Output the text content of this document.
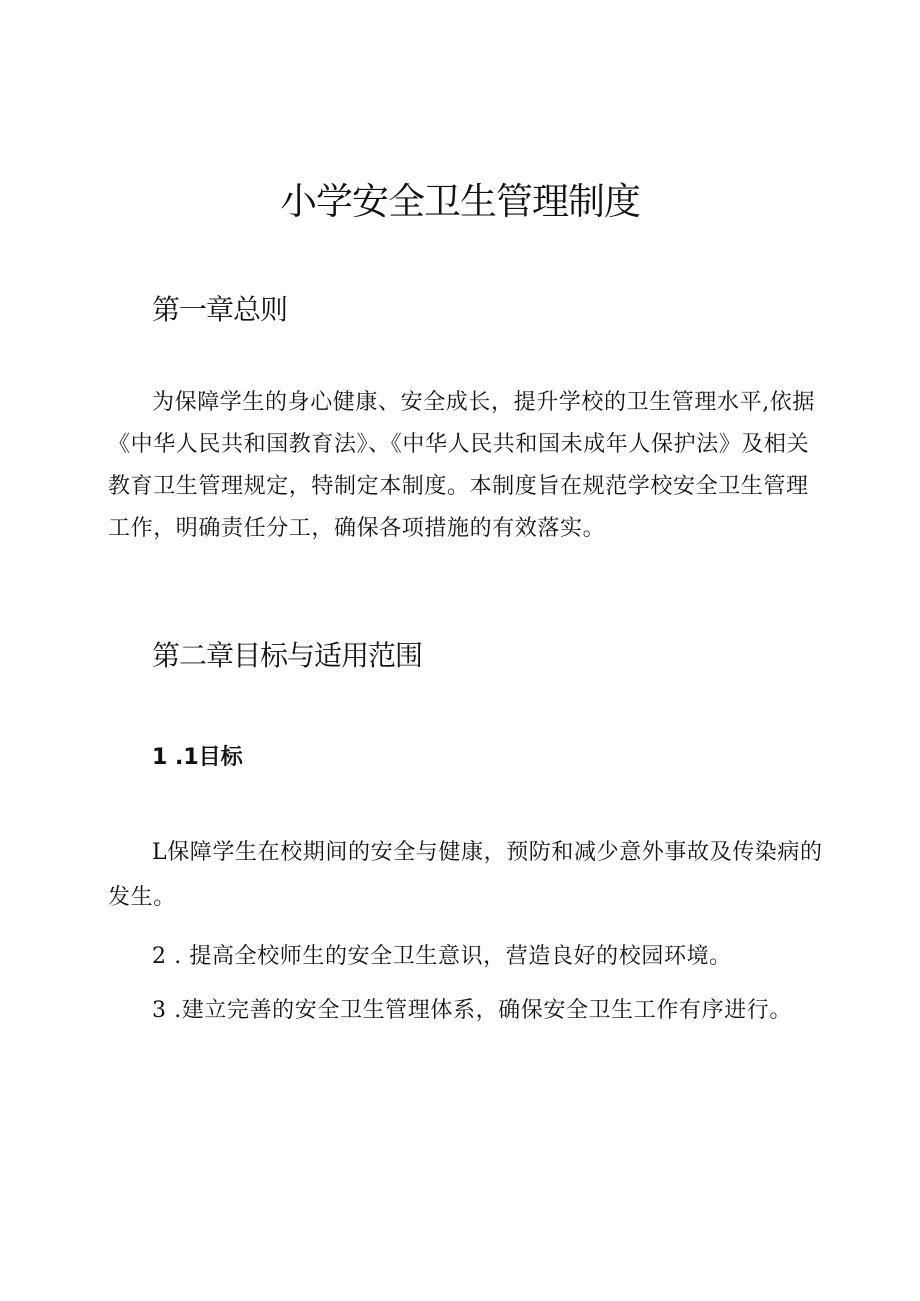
小学安全卫生管理制度
第一章总则

为保障学生的身心健康、安全成长，提升学校的卫生管理水平,依据《中华人民共和国教育法》、《中华人民共和国未成年人保护法》及相关教育卫生管理规定，特制定本制度。本制度旨在规范学校安全卫生管理工作，明确责任分工，确保各项措施的有效落实。

第二章目标与适用范围
1 .1目标

L保障学生在校期间的安全与健康，预防和减少意外事故及传染病的发生。

2 . 提高全校师生的安全卫生意识，营造良好的校园环境。

3 .建立完善的安全卫生管理体系，确保安全卫生工作有序进行。
